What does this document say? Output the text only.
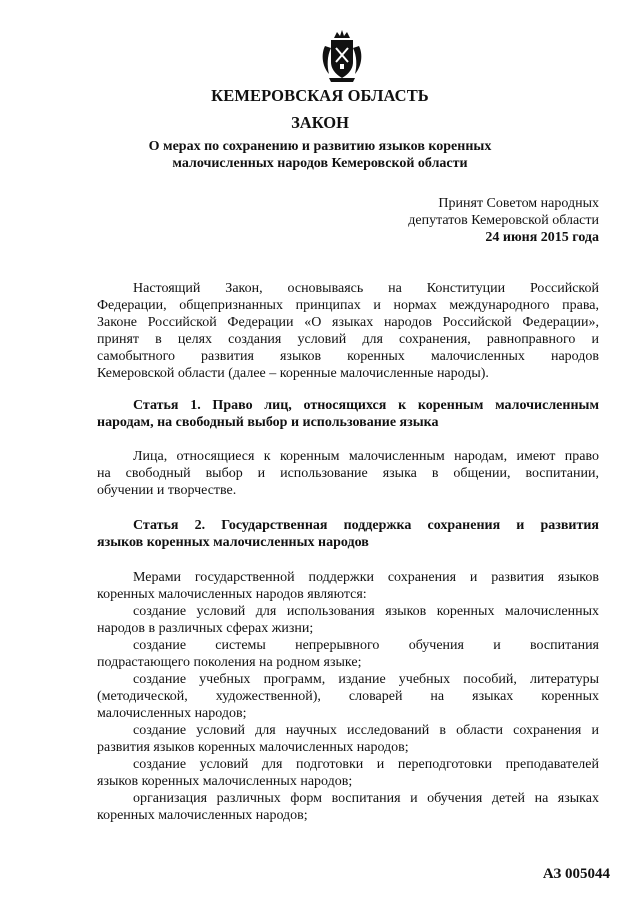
КЕМЕРОВСКАЯ ОБЛАСТЬ
ЗАКОН
О мерах по сохранению и развитию языков коренных
малочисленных народов Кемеровской области
Принят Советом народных
депутатов Кемеровской области
24 июня 2015 года
Настоящий Закон, основываясь на Конституции Российской
Федерации, общепризнанных принципах и нормах международного права,
Законе Российской Федерации «О языках народов Российской Федерации»,
принят в целях создания условий для сохранения, равноправного и
самобытного развития языков коренных малочисленных народов
Кемеровской области (далее – коренные малочисленные народы).
Статья 1. Право лиц, относящихся к коренным малочисленным
народам, на свободный выбор и использование языка
Лица, относящиеся к коренным малочисленным народам, имеют право
на свободный выбор и использование языка в общении, воспитании,
обучении и творчестве.
Статья 2. Государственная поддержка сохранения и развития
языков коренных малочисленных народов
Мерами государственной поддержки сохранения и развития языков
коренных малочисленных народов являются:
создание условий для использования языков коренных малочисленных
народов в различных сферах жизни;
создание системы непрерывного обучения и воспитания
подрастающего поколения на родном языке;
создание учебных программ, издание учебных пособий, литературы
(методической, художественной), словарей на языках коренных
малочисленных народов;
создание условий для научных исследований в области сохранения и
развития языков коренных малочисленных народов;
создание условий для подготовки и переподготовки преподавателей
языков коренных малочисленных народов;
организация различных форм воспитания и обучения детей на языках
коренных малочисленных народов;
АЗ 005044
